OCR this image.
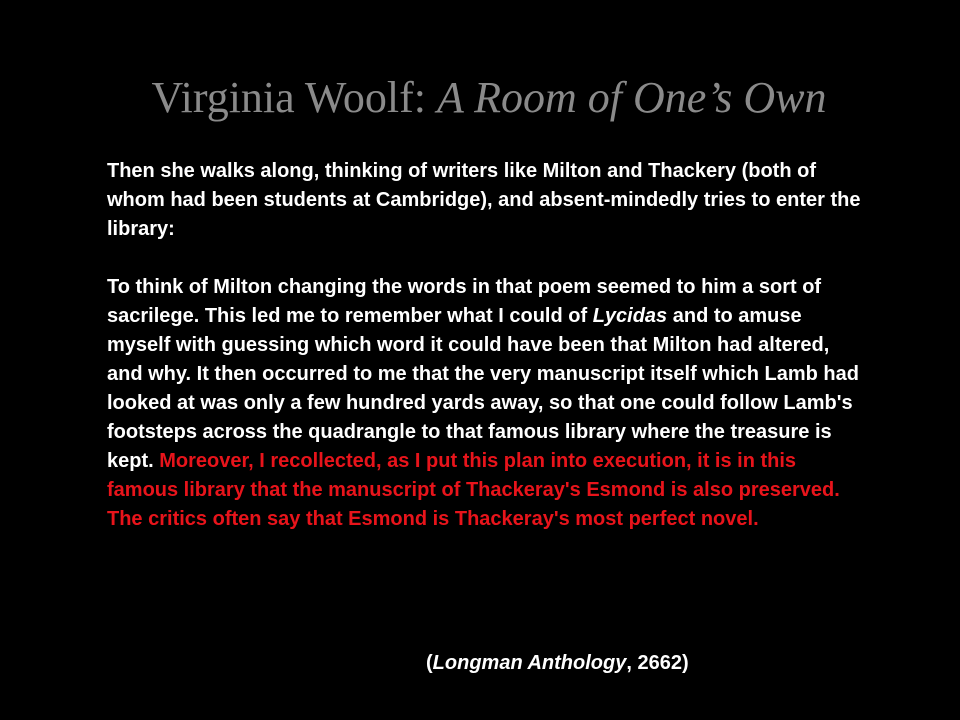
Virginia Woolf: A Room of One’s Own

Then she walks along, thinking of writers like Milton and Thackery (both of whom had been students at Cambridge), and absent-mindedly tries to enter the library:

To think of Milton changing the words in that poem seemed to him a sort of sacrilege. This led me to remember what I could of Lycidas and to amuse myself with guessing which word it could have been that Milton had altered, and why. It then occurred to me that the very manuscript itself which Lamb had looked at was only a few hundred yards away, so that one could follow Lamb's footsteps across the quadrangle to that famous library where the treasure is kept. Moreover, I recollected, as I put this plan into execution, it is in this famous library that the manuscript of Thackeray's Esmond is also preserved. The critics often say that Esmond is Thackeray's most perfect novel.

(Longman Anthology, 2662)
